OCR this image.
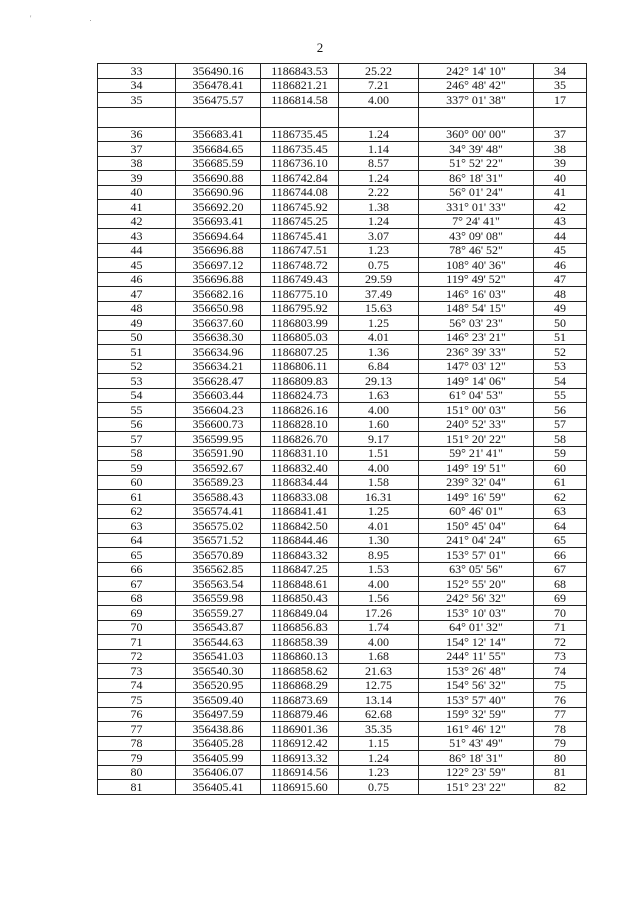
' .
2
33	356490.16	1186843.53	25.22	242° 14' 10"	34
34	356478.41	1186821.21	7.21	246° 48' 42"	35
35	356475.57	1186814.58	4.00	337° 01' 38"	17

36	356683.41	1186735.45	1.24	360° 00' 00"	37
37	356684.65	1186735.45	1.14	34° 39' 48"	38
38	356685.59	1186736.10	8.57	51° 52' 22"	39
39	356690.88	1186742.84	1.24	86° 18' 31"	40
40	356690.96	1186744.08	2.22	56° 01' 24"	41
41	356692.20	1186745.92	1.38	331° 01' 33"	42
42	356693.41	1186745.25	1.24	7° 24' 41"	43
43	356694.64	1186745.41	3.07	43° 09' 08"	44
44	356696.88	1186747.51	1.23	78° 46' 52"	45
45	356697.12	1186748.72	0.75	108° 40' 36"	46
46	356696.88	1186749.43	29.59	119° 49' 52"	47
47	356682.16	1186775.10	37.49	146° 16' 03"	48
48	356650.98	1186795.92	15.63	148° 54' 15"	49
49	356637.60	1186803.99	1.25	56° 03' 23"	50
50	356638.30	1186805.03	4.01	146° 23' 21"	51
51	356634.96	1186807.25	1.36	236° 39' 33"	52
52	356634.21	1186806.11	6.84	147° 03' 12"	53
53	356628.47	1186809.83	29.13	149° 14' 06"	54
54	356603.44	1186824.73	1.63	61° 04' 53"	55
55	356604.23	1186826.16	4.00	151° 00' 03"	56
56	356600.73	1186828.10	1.60	240° 52' 33"	57
57	356599.95	1186826.70	9.17	151° 20' 22"	58
58	356591.90	1186831.10	1.51	59° 21' 41"	59
59	356592.67	1186832.40	4.00	149° 19' 51"	60
60	356589.23	1186834.44	1.58	239° 32' 04"	61
61	356588.43	1186833.08	16.31	149° 16' 59"	62
62	356574.41	1186841.41	1.25	60° 46' 01"	63
63	356575.02	1186842.50	4.01	150° 45' 04"	64
64	356571.52	1186844.46	1.30	241° 04' 24"	65
65	356570.89	1186843.32	8.95	153° 57' 01"	66
66	356562.85	1186847.25	1.53	63° 05' 56"	67
67	356563.54	1186848.61	4.00	152° 55' 20"	68
68	356559.98	1186850.43	1.56	242° 56' 32"	69
69	356559.27	1186849.04	17.26	153° 10' 03"	70
70	356543.87	1186856.83	1.74	64° 01' 32"	71
71	356544.63	1186858.39	4.00	154° 12' 14"	72
72	356541.03	1186860.13	1.68	244° 11' 55"	73
73	356540.30	1186858.62	21.63	153° 26' 48"	74
74	356520.95	1186868.29	12.75	154° 56' 32"	75
75	356509.40	1186873.69	13.14	153° 57' 40"	76
76	356497.59	1186879.46	62.68	159° 32' 59"	77
77	356438.86	1186901.36	35.35	161° 46' 12"	78
78	356405.28	1186912.42	1.15	51° 43' 49"	79
79	356405.99	1186913.32	1.24	86° 18' 31"	80
80	356406.07	1186914.56	1.23	122° 23' 59"	81
81	356405.41	1186915.60	0.75	151° 23' 22"	82
